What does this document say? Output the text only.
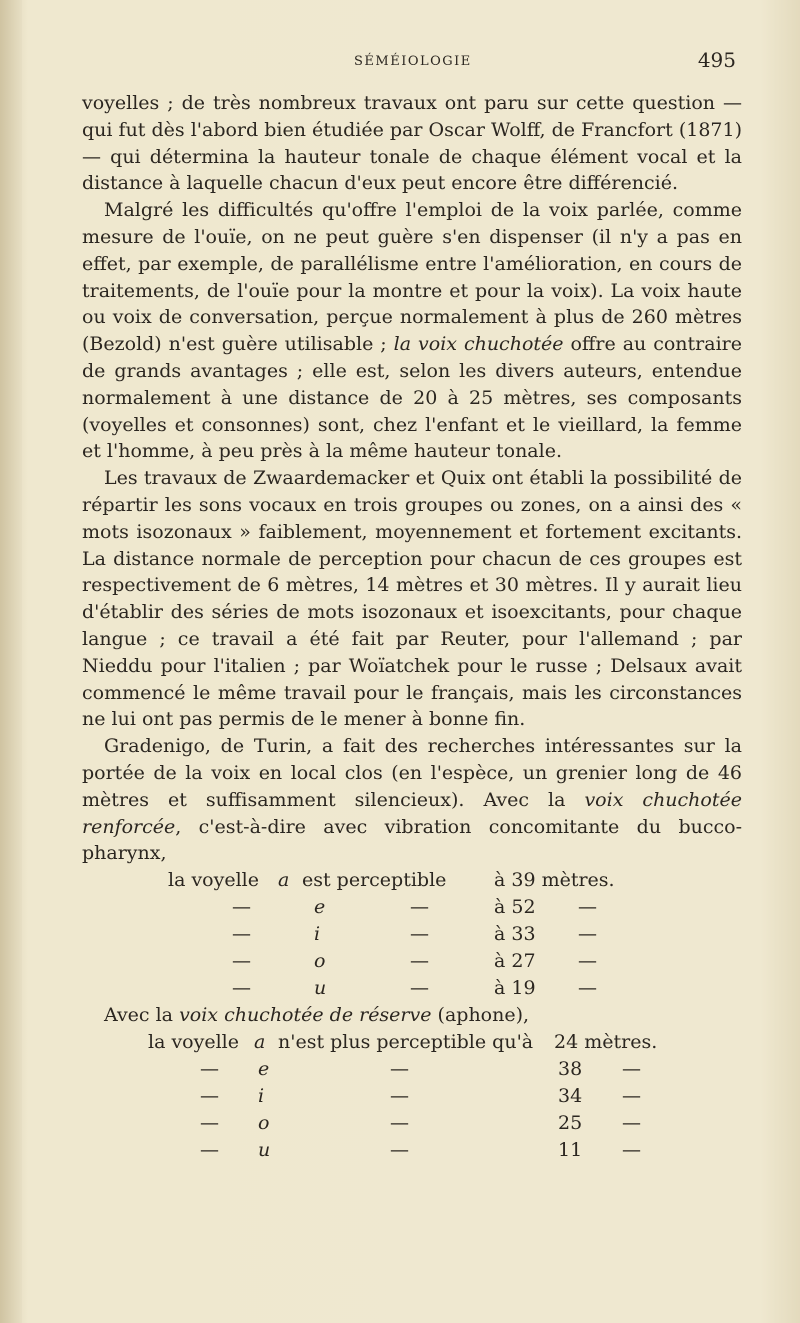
SÉMÉIOLOGIE	495

voyelles ; de très nombreux travaux ont paru sur cette question — qui fut dès l'abord bien étudiée par Oscar Wolff, de Francfort (1871) — qui détermina la hauteur tonale de chaque élément vocal et la distance à laquelle chacun d'eux peut encore être différencié.

Malgré les difficultés qu'offre l'emploi de la voix parlée, comme mesure de l'ouïe, on ne peut guère s'en dispenser (il n'y a pas en effet, par exemple, de parallélisme entre l'amélioration, en cours de traitements, de l'ouïe pour la montre et pour la voix). La voix haute ou voix de conversation, perçue normalement à plus de 260 mètres (Bezold) n'est guère utilisable ; la voix chuchotée offre au contraire de grands avantages ; elle est, selon les divers auteurs, entendue normalement à une distance de 20 à 25 mètres, ses composants (voyelles et consonnes) sont, chez l'enfant et le vieillard, la femme et l'homme, à peu près à la même hauteur tonale.

Les travaux de Zwaardemacker et Quix ont établi la possibilité de répartir les sons vocaux en trois groupes ou zones, on a ainsi des « mots isozonaux » faiblement, moyennement et fortement excitants. La distance normale de perception pour chacun de ces groupes est respectivement de 6 mètres, 14 mètres et 30 mètres. Il y aurait lieu d'établir des séries de mots isozonaux et isoexcitants, pour chaque langue ; ce travail a été fait par Reuter, pour l'allemand ; par Nieddu pour l'italien ; par Woïatchek pour le russe ; Delsaux avait commencé le même travail pour le français, mais les circonstances ne lui ont pas permis de le mener à bonne fin.

Gradenigo, de Turin, a fait des recherches intéressantes sur la portée de la voix en local clos (en l'espèce, un grenier long de 46 mètres et suffisamment silencieux). Avec la voix chuchotée renforcée, c'est-à-dire avec vibration concomitante du bucco- pharynx,

la voyelle a est perceptible	à 39 mètres.
—	e	—	à 52 —
—	i	—	à 33 —
—	o	—	à 27 —
—	u	—	à 19 —

Avec la voix chuchotée de réserve (aphone),

la voyelle a n'est plus perceptible qu'à 24 mètres.
— e	—	38 —
— i	—	34 —
— o	—	25 —
— u	—	11 —
